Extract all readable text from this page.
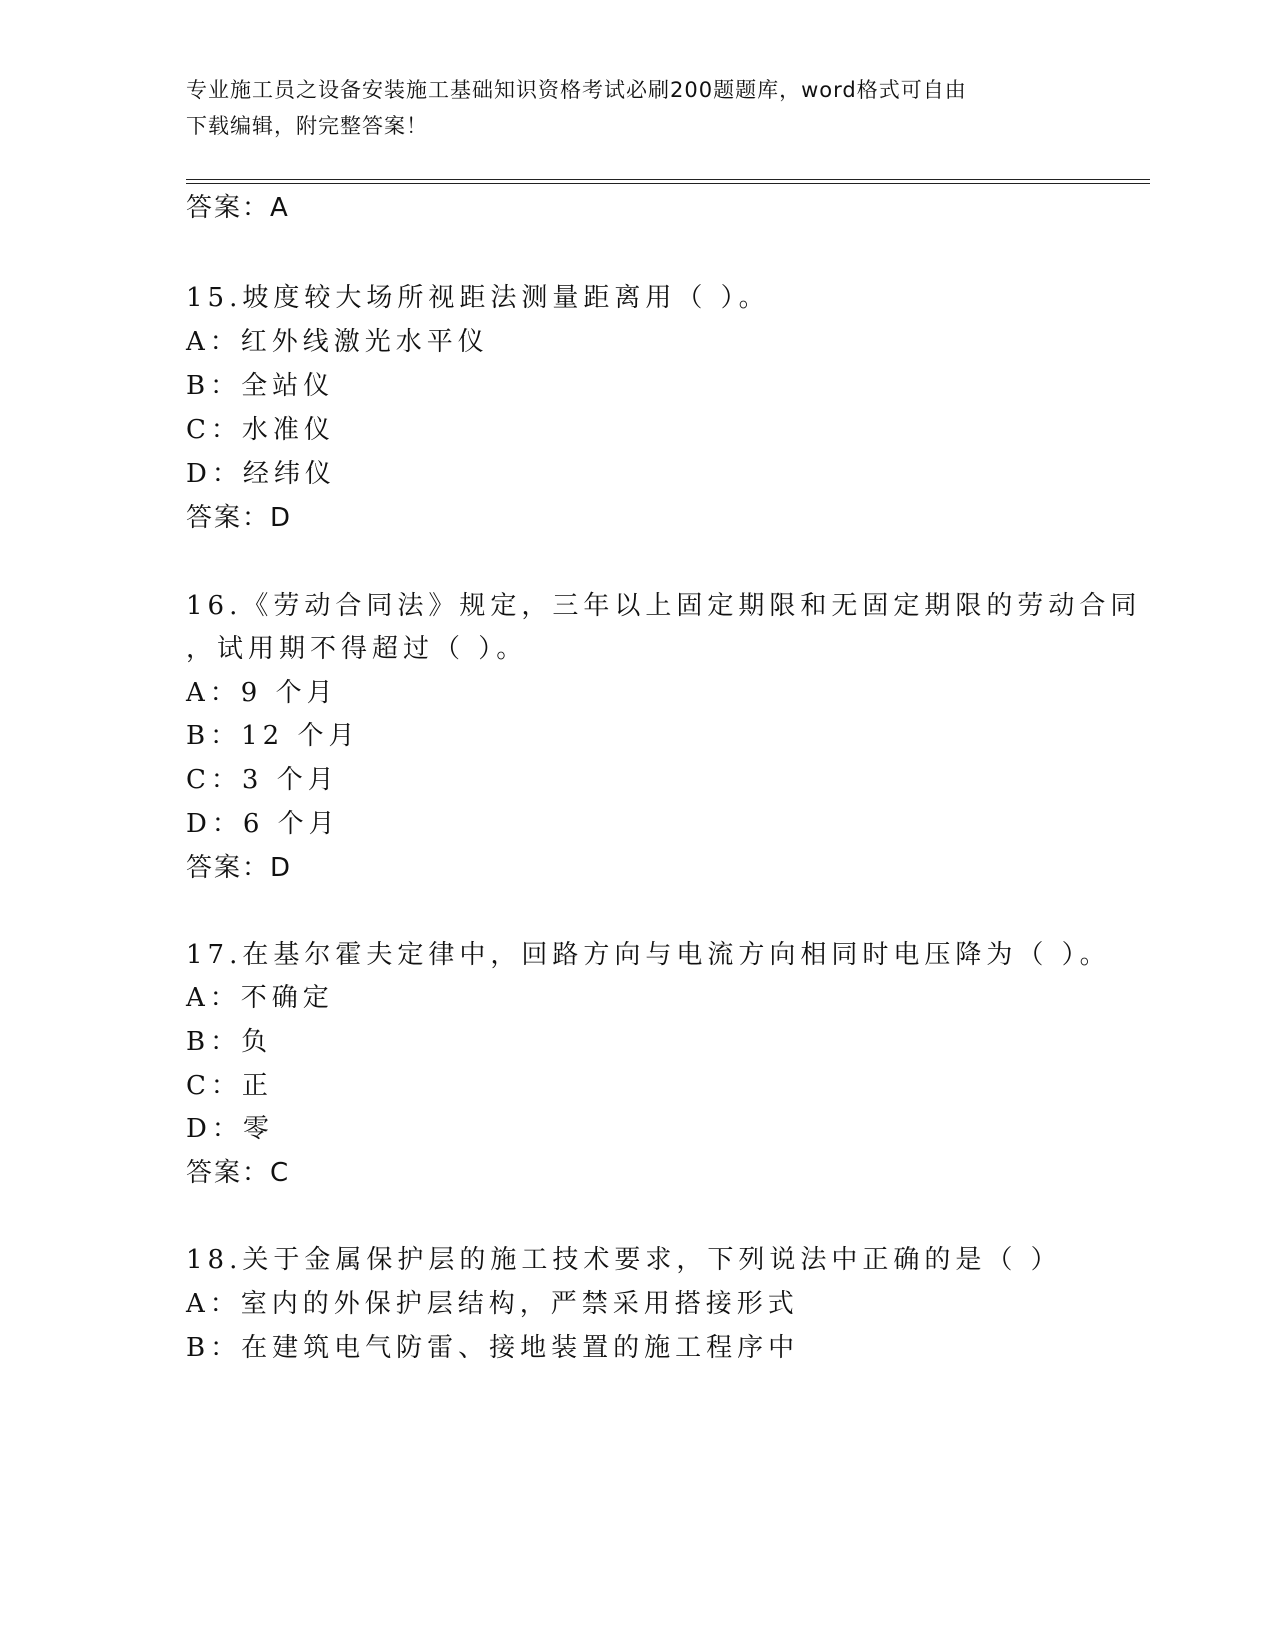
专业施工员之设备安装施工基础知识资格考试必刷200题题库，word格式可自由
下载编辑，附完整答案！
答案：A
15.坡度较大场所视距法测量距离用（ ）。
A：红外线激光水平仪
B：全站仪
C：水准仪
D：经纬仪
答案：D
16.《劳动合同法》规定，三年以上固定期限和无固定期限的劳动合同
，试用期不得超过（ ）。
A：9 个月
B：12 个月
C：3 个月
D：6 个月
答案：D
17.在基尔霍夫定律中，回路方向与电流方向相同时电压降为（ ）。
A：不确定
B：负
C：正
D：零
答案：C
18.关于金属保护层的施工技术要求，下列说法中正确的是（ ）
A：室内的外保护层结构，严禁采用搭接形式
B：在建筑电气防雷、接地装置的施工程序中
